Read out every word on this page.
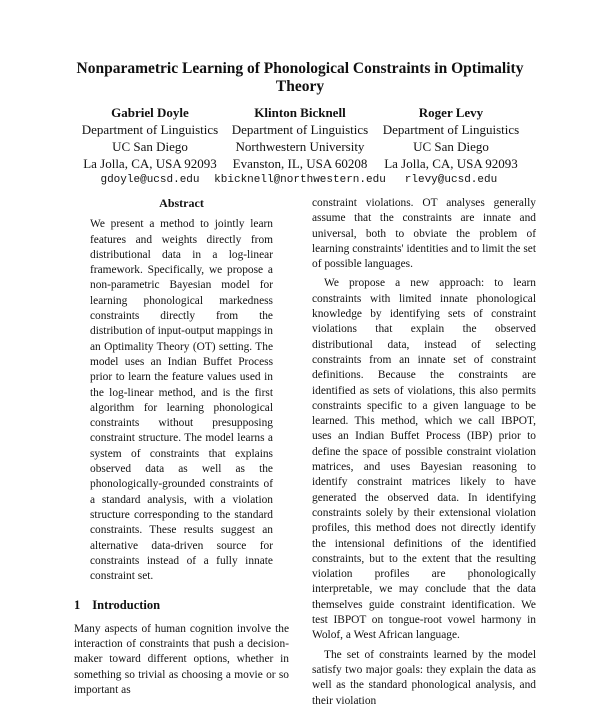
Nonparametric Learning of Phonological Constraints in Optimality Theory
Gabriel Doyle
Department of Linguistics
UC San Diego
La Jolla, CA, USA 92093
gdoyle@ucsd.edu
Klinton Bicknell
Department of Linguistics
Northwestern University
Evanston, IL, USA 60208
kbicknell@northwestern.edu
Roger Levy
Department of Linguistics
UC San Diego
La Jolla, CA, USA 92093
rlevy@ucsd.edu
Abstract

We present a method to jointly learn features and weights directly from distributional data in a log-linear framework. Specifically, we propose a non-parametric Bayesian model for learning phonological markedness constraints directly from the distribution of input-output mappings in an Optimality Theory (OT) setting. The model uses an Indian Buffet Process prior to learn the feature values used in the log-linear method, and is the first algorithm for learning phonological constraints without presupposing constraint structure. The model learns a system of constraints that explains observed data as well as the phonologically-grounded constraints of a standard analysis, with a violation structure corresponding to the standard constraints. These results suggest an alternative data-driven source for constraints instead of a fully innate constraint set.

1 Introduction

Many aspects of human cognition involve the interaction of constraints that push a decision-maker toward different options, whether in something so trivial as choosing a movie or so important as

constraint violations. OT analyses generally assume that the constraints are innate and universal, both to obviate the problem of learning constraints' identities and to limit the set of possible languages.

We propose a new approach: to learn constraints with limited innate phonological knowledge by identifying sets of constraint violations that explain the observed distributional data, instead of selecting constraints from an innate set of constraint definitions. Because the constraints are identified as sets of violations, this also permits constraints specific to a given language to be learned. This method, which we call IBPOT, uses an Indian Buffet Process (IBP) prior to define the space of possible constraint violation matrices, and uses Bayesian reasoning to identify constraint matrices likely to have generated the observed data. In identifying constraints solely by their extensional violation profiles, this method does not directly identify the intensional definitions of the identified constraints, but to the extent that the resulting violation profiles are phonologically interpretable, we may conclude that the data themselves guide constraint identification. We test IBPOT on tongue-root vowel harmony in Wolof, a West African language.

The set of constraints learned by the model satisfy two major goals: they explain the data as well as the standard phonological analysis, and their violation
